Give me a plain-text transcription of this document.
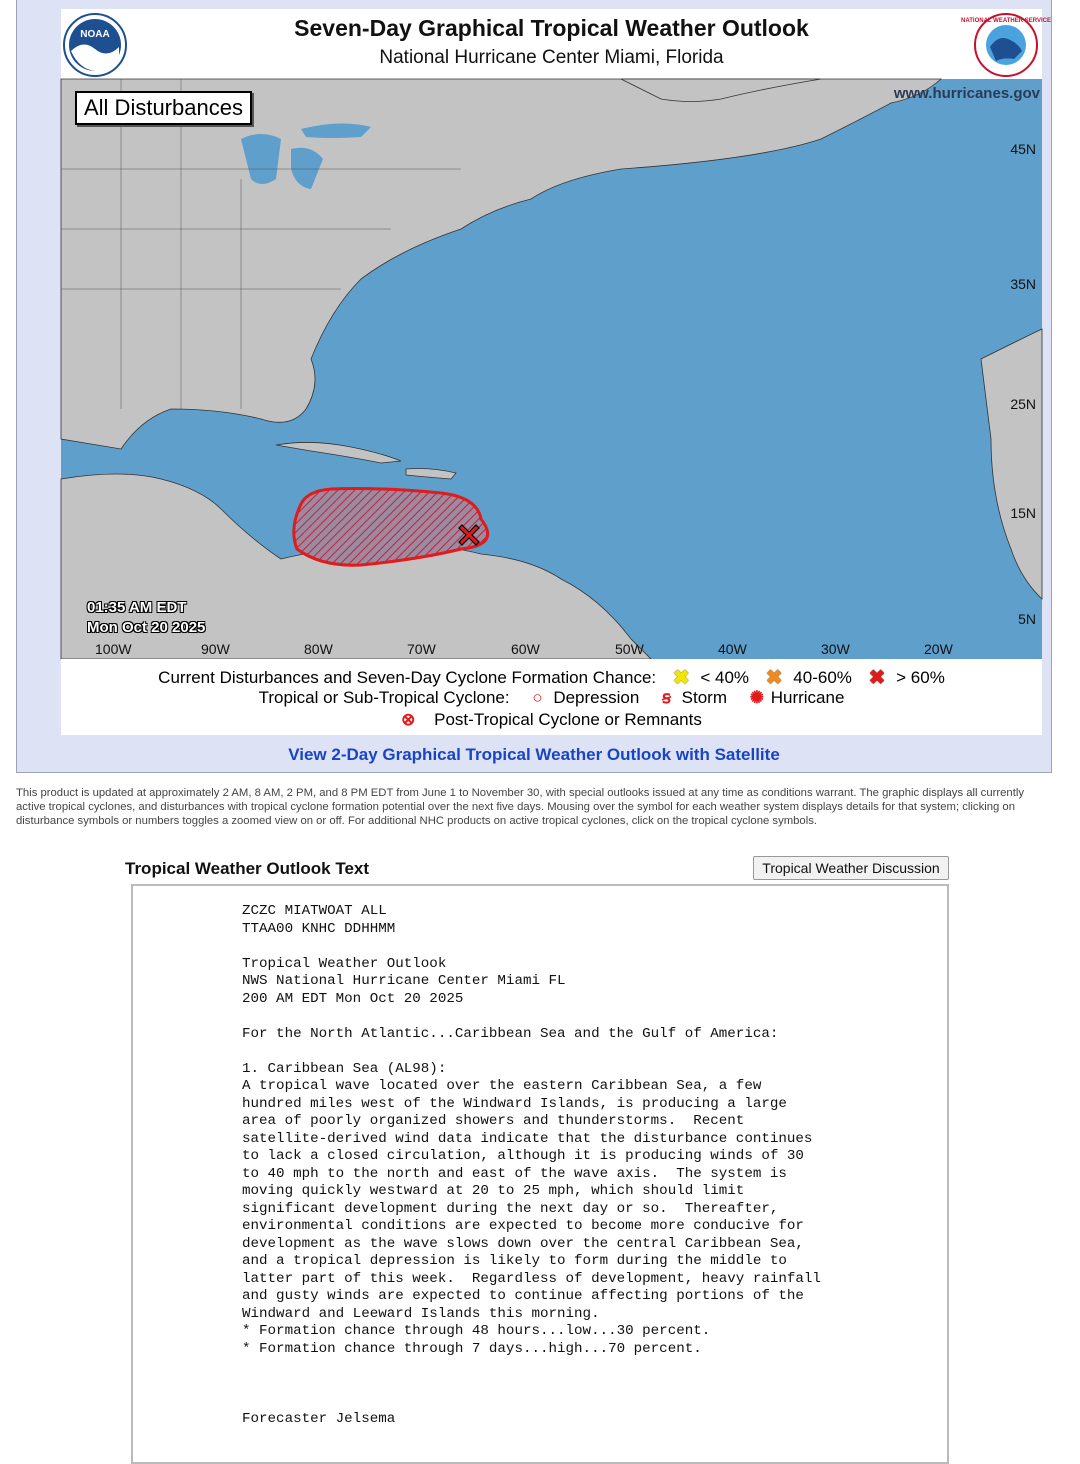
NOAA	Seven-Day Graphical Tropical Weather Outlook
National Hurricane Center Miami, Florida
NATIONAL WEATHER SERVICE
www.hurricanes.gov
All Disturbances
45N
35N
25N
15N
5N
100W	90W	80W	70W	60W	50W	40W	30W	20W
01:35 AM EDT
Mon Oct 20 2025
Current Disturbances and Seven-Day Cyclone Formation Chance: ✖ < 40% ✖ 40-60% ✖ > 60%
Tropical or Sub-Tropical Cyclone: ○ Depression ꞩ Storm ✺ Hurricane
⊗ Post-Tropical Cyclone or Remnants
View 2-Day Graphical Tropical Weather Outlook with Satellite
This product is updated at approximately 2 AM, 8 AM, 2 PM, and 8 PM EDT from June 1 to November 30, with special outlooks issued at any time as conditions warrant. The graphic displays all currently active tropical cyclones, and disturbances with tropical cyclone formation potential over the next five days. Mousing over the symbol for each weather system displays details for that system; clicking on disturbance symbols or numbers toggles a zoomed view on or off. For additional NHC products on active tropical cyclones, click on the tropical cyclone symbols.
Tropical Weather Outlook Text	Tropical Weather Discussion
ZCZC MIATWOAT ALL
TTAA00 KNHC DDHHMM

Tropical Weather Outlook
NWS National Hurricane Center Miami FL
200 AM EDT Mon Oct 20 2025

For the North Atlantic...Caribbean Sea and the Gulf of America:

1. Caribbean Sea (AL98):
A tropical wave located over the eastern Caribbean Sea, a few
hundred miles west of the Windward Islands, is producing a large
area of poorly organized showers and thunderstorms.  Recent
satellite-derived wind data indicate that the disturbance continues
to lack a closed circulation, although it is producing winds of 30
to 40 mph to the north and east of the wave axis.  The system is
moving quickly westward at 20 to 25 mph, which should limit
significant development during the next day or so.  Thereafter,
environmental conditions are expected to become more conducive for
development as the wave slows down over the central Caribbean Sea,
and a tropical depression is likely to form during the middle to
latter part of this week.  Regardless of development, heavy rainfall
and gusty winds are expected to continue affecting portions of the
Windward and Leeward Islands this morning.
* Formation chance through 48 hours...low...30 percent.
* Formation chance through 7 days...high...70 percent.

Forecaster Jelsema
